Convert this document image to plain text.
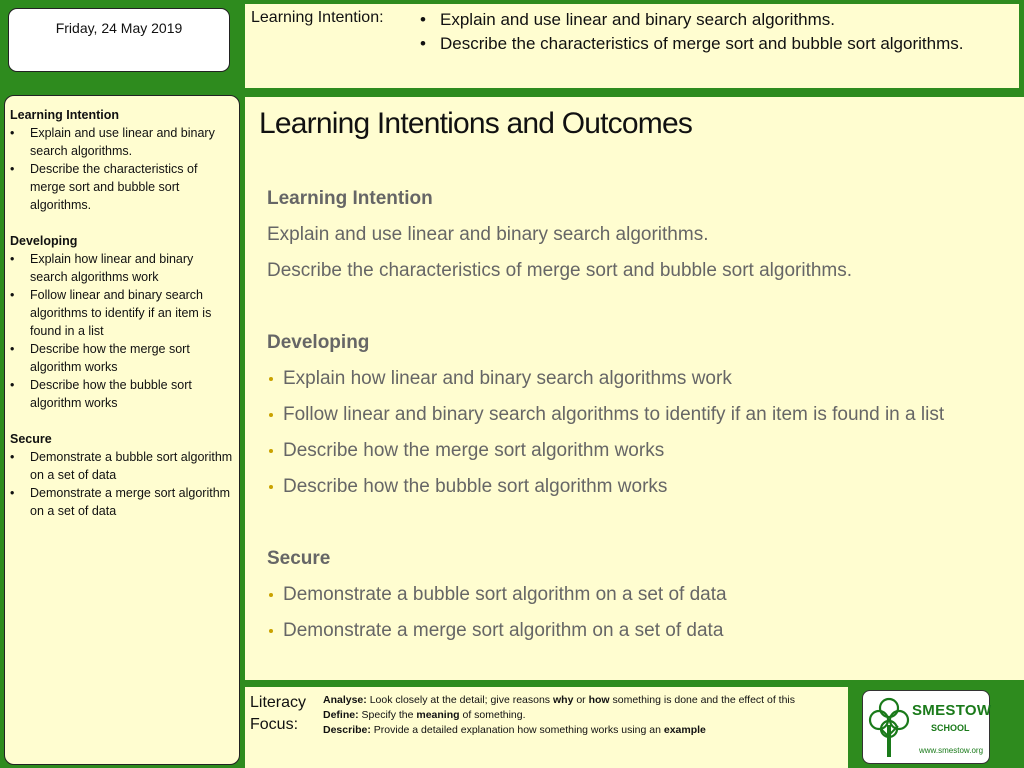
Friday, 24 May 2019
Learning Intention:
•	Explain and use linear and binary search algorithms.
• Describe the characteristics of merge sort and bubble sort algorithms.
Learning Intention
• Explain and use linear and binary search algorithms.
• Describe the characteristics of merge sort and bubble sort algorithms.
Developing
• Explain how linear and binary search algorithms work
• Follow linear and binary search algorithms to identify if an item is found in a list
• Describe how the merge sort algorithm works
• Describe how the bubble sort algorithm works
Secure
• Demonstrate a bubble sort algorithm on a set of data
• Demonstrate a merge sort algorithm on a set of data
Learning Intentions and Outcomes
Learning Intention
Explain and use linear and binary search algorithms.
Describe the characteristics of merge sort and bubble sort algorithms.
Developing
Explain how linear and binary search algorithms work
Follow linear and binary search algorithms to identify if an item is found in a list
Describe how the merge sort algorithm works
Describe how the bubble sort algorithm works
Secure
Demonstrate a bubble sort algorithm on a set of data
Demonstrate a merge sort algorithm on a set of data
Literacy
Focus:
Analyse: Look closely at the detail; give reasons why or how something is done and the effect of this
Define: Specify the meaning of something.
Describe: Provide a detailed explanation how something works using an example
SMESTOW
SCHOOL
www.smestow.org
